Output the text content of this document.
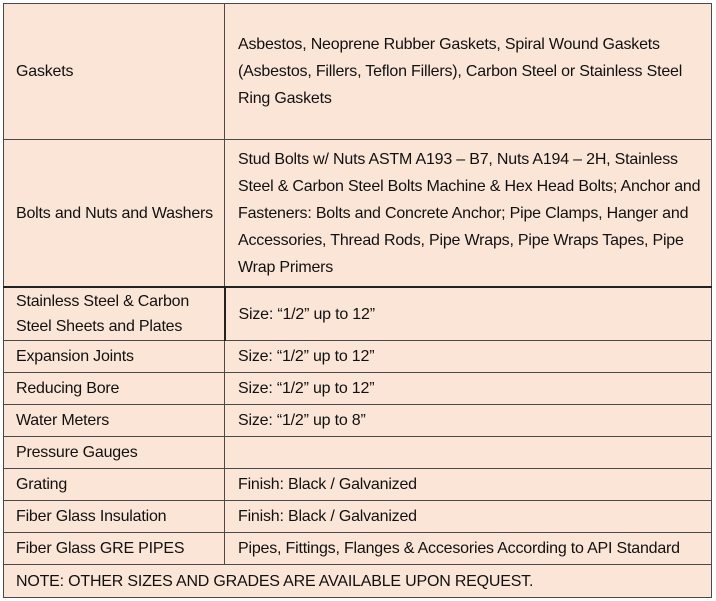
Gaskets	Asbestos, Neoprene Rubber Gaskets, Spiral Wound Gaskets (Asbestos, Fillers, Teflon Fillers), Carbon Steel or Stainless Steel Ring Gaskets
Bolts and Nuts and Washers	Stud Bolts w/ Nuts ASTM A193 – B7, Nuts A194 – 2H, Stainless Steel & Carbon Steel Bolts Machine & Hex Head Bolts; Anchor and Fasteners: Bolts and Concrete Anchor; Pipe Clamps, Hanger and Accessories, Thread Rods, Pipe Wraps, Pipe Wraps Tapes, Pipe Wrap Primers
Stainless Steel & Carbon Steel Sheets and Plates	Size: “1/2” up to 12”
Expansion Joints	Size: “1/2” up to 12”
Reducing Bore	Size: “1/2” up to 12”
Water Meters	Size: “1/2” up to 8”
Pressure Gauges	
Grating	Finish: Black / Galvanized
Fiber Glass Insulation	Finish: Black / Galvanized
Fiber Glass GRE PIPES	Pipes, Fittings, Flanges & Accesories According to API Standard
NOTE: OTHER SIZES AND GRADES ARE AVAILABLE UPON REQUEST.	
